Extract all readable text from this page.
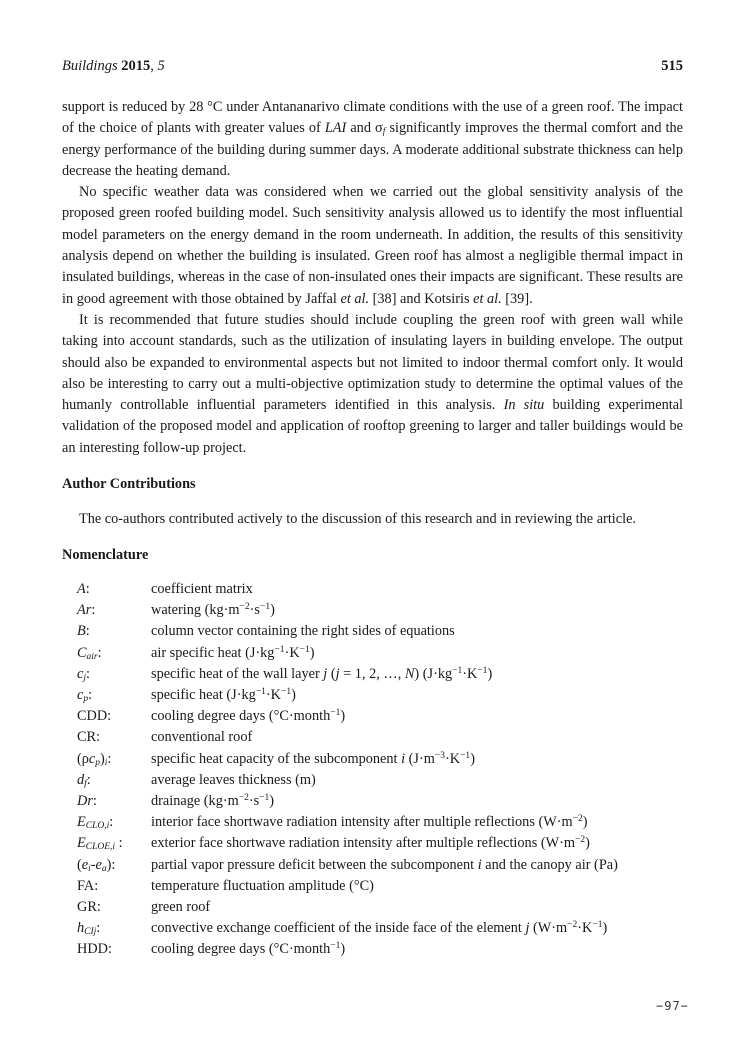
Buildings 2015, 5	515

support is reduced by 28 °C under Antananarivo climate conditions with the use of a green roof. The impact of the choice of plants with greater values of LAI and $\sigma_f$ significantly improves the thermal comfort and the energy performance of the building during summer days. A moderate additional substrate thickness can help decrease the heating demand.

No specific weather data was considered when we carried out the global sensitivity analysis of the proposed green roofed building model. Such sensitivity analysis allowed us to identify the most influential model parameters on the energy demand in the room underneath. In addition, the results of this sensitivity analysis depend on whether the building is insulated. Green roof has almost a negligible thermal impact in insulated buildings, whereas in the case of non-insulated ones their impacts are significant. These results are in good agreement with those obtained by Jaffal et al. [38] and Kotsiris et al. [39].

It is recommended that future studies should include coupling the green roof with green wall while taking into account standards, such as the utilization of insulating layers in building envelope. The output should also be expanded to environmental aspects but not limited to indoor thermal comfort only. It would also be interesting to carry out a multi-objective optimization study to determine the optimal values of the humanly controllable influential parameters identified in this analysis. In situ building experimental validation of the proposed model and application of rooftop greening to larger and taller buildings would be an interesting follow-up project.

Author Contributions

The co-authors contributed actively to the discussion of this research and in reviewing the article.

Nomenclature
A:	coefficient matrix
Ar:	watering $(kg\cdot m^{-2}\cdot s^{-1})$
B:	column vector containing the right sides of equations
$C_{air}$:	air specific heat $(J\cdot kg^{-1}\cdot K^{-1})$
$c_j$:	specific heat of the wall layer j (j = 1, 2, …, N) $(J\cdot kg^{-1}\cdot K^{-1})$
$c_p$:	specific heat $(J\cdot kg^{-1}\cdot K^{-1})$
CDD:	cooling degree days (°C·month$^{-1}$)
CR:	conventional roof
$(\rho c_p)_i$:	specific heat capacity of the subcomponent i $(J\cdot m^{-3}\cdot K^{-1})$
$d_f$:	average leaves thickness (m)
Dr:	drainage $(kg\cdot m^{-2}\cdot s^{-1})$
$E_{CLO,i}$:	interior face shortwave radiation intensity after multiple reflections $(W\cdot m^{-2})$
$E_{CLOE,i}$ :	exterior face shortwave radiation intensity after multiple reflections $(W\cdot m^{-2})$
$(e_i-e_a)$:	partial vapor pressure deficit between the subcomponent i and the canopy air (Pa)
FA:	temperature fluctuation amplitude (°C)
GR:	green roof
$h_{CIj}$:	convective exchange coefficient of the inside face of the element j $(W\cdot m^{-2}\cdot K^{-1})$
HDD:	cooling degree days (°C·month$^{-1}$)
−97−
